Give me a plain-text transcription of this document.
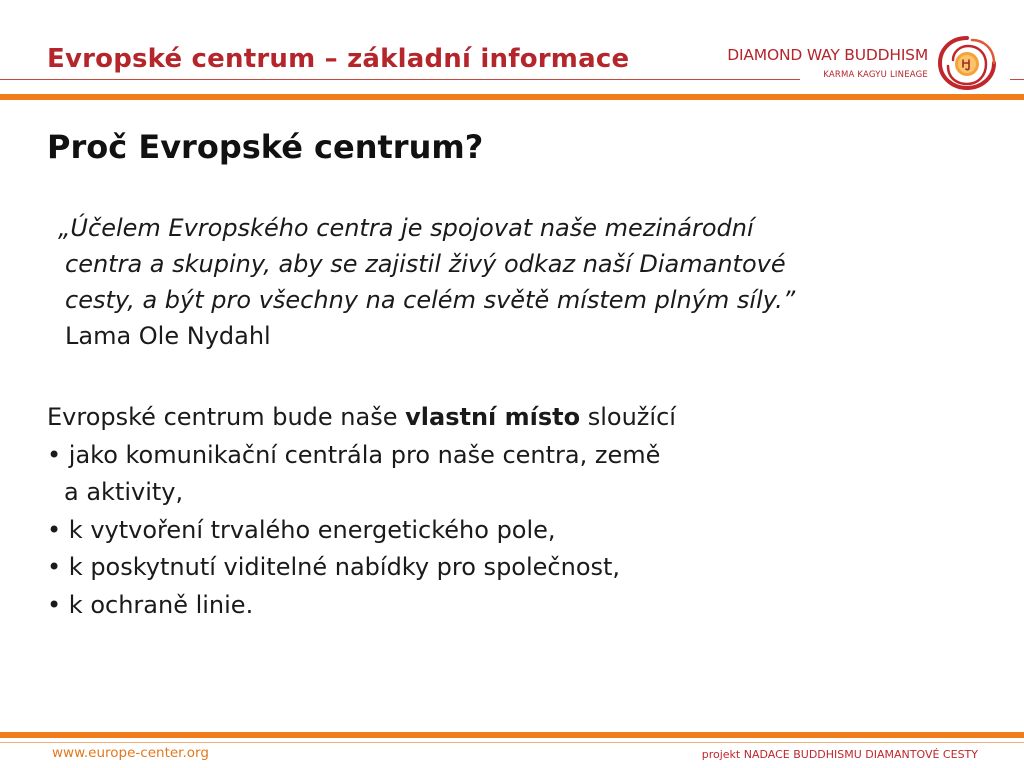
Evropské centrum – základní informace	DIAMOND WAY BUDDHISM
KARMA KAGYU LINEAGE
Proč Evropské centrum?
„Účelem Evropského centra je spojovat naše mezinárodní
centra a skupiny, aby se zajistil živý odkaz naší Diamantové
cesty, a být pro všechny na celém světě místem plným síly.”
Lama Ole Nydahl
Evropské centrum bude naše vlastní místo sloužící
• jako komunikační centrála pro naše centra, země
a aktivity,
• k vytvoření trvalého energetického pole,
• k poskytnutí viditelné nabídky pro společnost,
• k ochraně linie.
www.europe-center.org	projekt NADACE BUDDHISMU DIAMANTOVÉ CESTY
